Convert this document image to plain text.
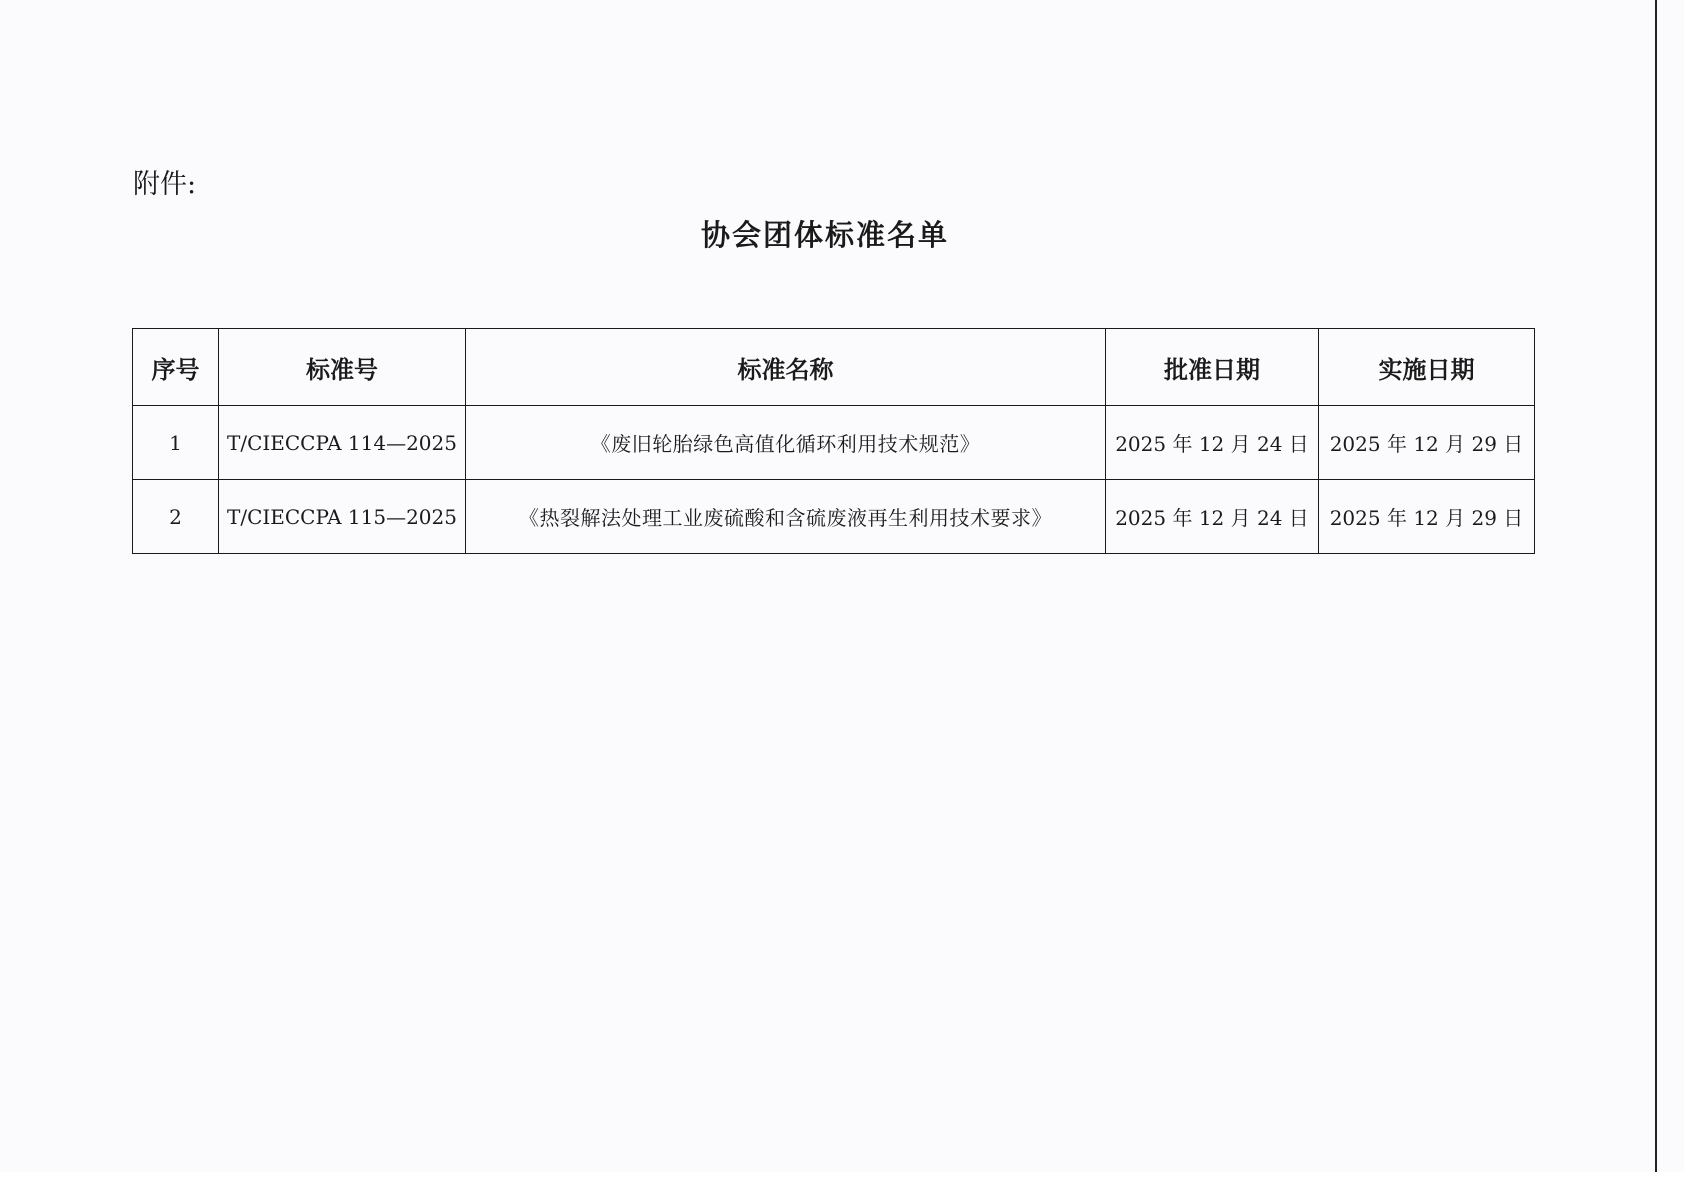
附件:
协会团体标准名单
序号	标准号	标准名称	批准日期	实施日期
1	T/CIECCPA 114—2025	《废旧轮胎绿色高值化循环利用技术规范》	2025 年 12 月 24 日	2025 年 12 月 29 日
2	T/CIECCPA 115—2025	《热裂解法处理工业废硫酸和含硫废液再生利用技术要求》	2025 年 12 月 24 日	2025 年 12 月 29 日
